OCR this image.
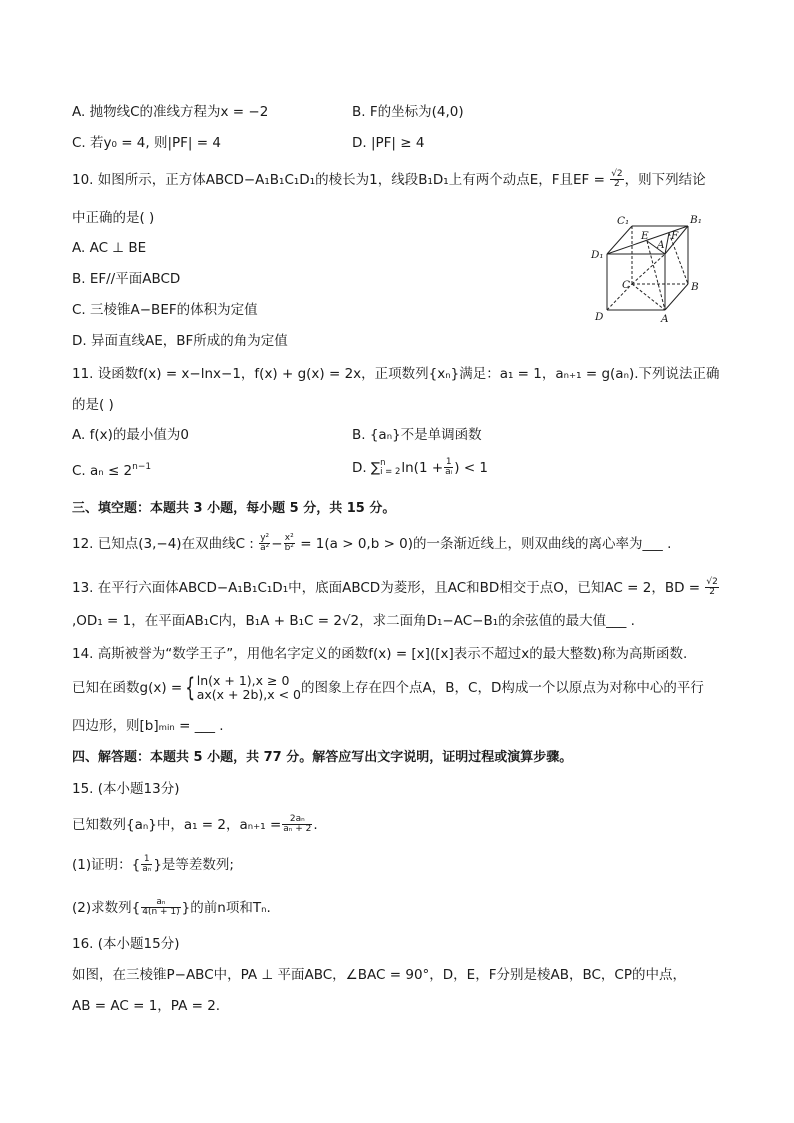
A. 抛物线C的准线方程为x = −2	B. F的坐标为(4,0)
C. 若y₀ = 4, 则|PF| = 4	D. |PF| ≥ 4
10. 如图所示，正方体ABCD−A₁B₁C₁D₁的棱长为1，线段B₁D₁上有两个动点E，F且EF = $\frac{√2}{2}$ ，则下列结论
中正确的是( )
A. AC ⊥ BE
B. EF//平面ABCD
C. 三棱锥A−BEF的体积为定值
D. 异面直线AE，BF所成的角为定值
C₁	B₁
D₁
E F
A
C	B
D	A
11. 设函数f(x) = x−lnx−1，f(x) + g(x) = 2x，正项数列{xₙ}满足：a₁ = 1，aₙ₊₁ = g(aₙ).下列说法正确
的是( )
A. f(x)的最小值为0	B. {aₙ}不是单调函数
C. $a_n \le 2^{n-1}$	D. ∑ n
i = 2 $\ln(1 + \frac{1}{\text{aᵢ}}$ ) < 1
三、填空题：本题共 3 小题，每小题 5 分，共 15 分。
12. 已知点(3,−4)在双曲线C : $\frac{\text{y²}}{\text{a²}} - \frac{\text{x²}}{\text{b²}} = 1(a > 0,b > 0)$的一条渐近线上，则双曲线的离心率为___ .
13. 在平行六面体ABCD−A₁B₁C₁D₁中，底面ABCD为菱形，且AC和BD相交于点O，已知AC = 2，BD = $\frac{√2}{2}$
,OD₁ = 1，在平面AB₁C内，B₁A + B₁C = 2√2，求二面角D₁−AC−B₁的余弦值的最大值___ .
14. 高斯被誉为“数学王子”，用他名字定义的函数f(x) = [x]([x]表示不超过x的最大整数)称为高斯函数.
已知在函数g(x) = { ln(x + 1),x ≥ 0
ax(x + 2b),x < 0 的图象上存在四个点A，B，C，D构成一个以原点为对称中心的平行
四边形，则[b]ₘᵢₙ = ___ .
四、解答题：本题共 5 小题，共 77 分。解答应写出文字说明，证明过程或演算步骤。
15. (本小题13分)
已知数列{aₙ}中，a₁ = 2，$a_{n+1} = \frac{\text{2aₙ}}{\text{aₙ + 2}}$ .
(1)证明：{ $\frac{1}{\text{aₙ}}$ }是等差数列;
(2)求数列{ $\frac{\text{aₙ}}{4(n + 1)}$ }的前n项和Tₙ.
16. (本小题15分)
如图，在三棱锥P−ABC中，PA ⊥ 平面ABC，∠BAC = 90°，D，E，F分别是棱AB，BC，CP的中点，
AB = AC = 1，PA = 2.
